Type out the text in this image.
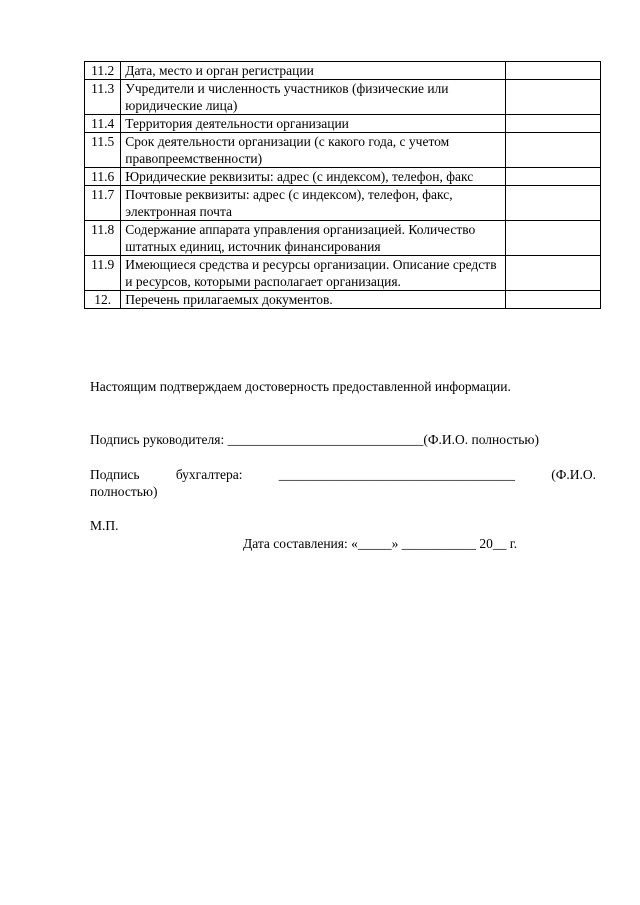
11.2	Дата, место и орган регистрации	
11.3	Учредители и численность участников (физические или юридические лица)	
11.4	Территория деятельности организации	
11.5	Срок деятельности организации (с какого года, с учетом правопреемственности)	
11.6	Юридические реквизиты: адрес (с индексом), телефон, факс	
11.7	Почтовые реквизиты: адрес (с индексом), телефон, факс, электронная почта	
11.8	Содержание аппарата управления организацией. Количество штатных единиц, источник финансирования	
11.9	Имеющиеся средства и ресурсы организации. Описание средств и ресурсов, которыми располагает организация.	
12.	Перечень прилагаемых документов.	
Настоящим подтверждаем достоверность предоставленной информации.
Подпись руководителя: _____________________________(Ф.И.О. полностью)
Подпись	бухгалтера:	___________________________________	(Ф.И.О.
полностью)
М.П.
Дата составления: «_____» ___________ 20__ г.
